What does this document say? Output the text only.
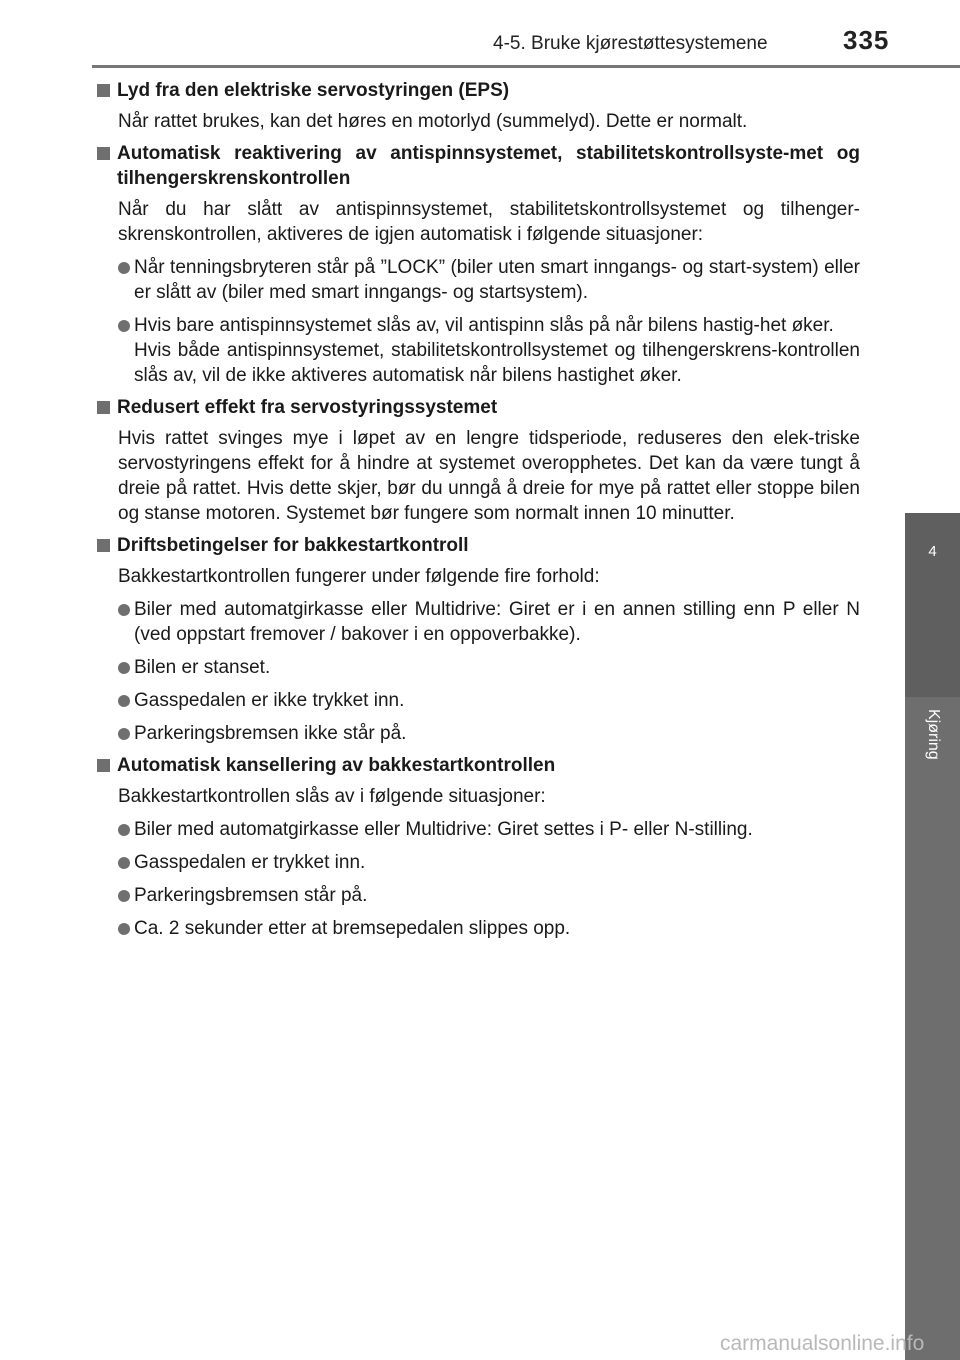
4-5. Bruke kjørestøttesystemene	335
4
Kjøring
Lyd fra den elektriske servostyringen (EPS)

Når rattet brukes, kan det høres en motorlyd (summelyd). Dette er normalt.

Automatisk reaktivering av antispinnsystemet, stabilitetskontrollsyste-met og tilhengerskrenskontrollen

Når du har slått av antispinnsystemet, stabilitetskontrollsystemet og tilhenger-skrenskontrollen, aktiveres de igjen automatisk i følgende situasjoner:

Når tenningsbryteren står på ”LOCK” (biler uten smart inngangs- og start-system) eller er slått av (biler med smart inngangs- og startsystem).
Hvis bare antispinnsystemet slås av, vil antispinn slås på når bilens hastig-het øker.
Hvis både antispinnsystemet, stabilitetskontrollsystemet og tilhengerskrens-kontrollen slås av, vil de ikke aktiveres automatisk når bilens hastighet øker.
Redusert effekt fra servostyringssystemet

Hvis rattet svinges mye i løpet av en lengre tidsperiode, reduseres den elek-triske servostyringens effekt for å hindre at systemet overopphetes. Det kan da være tungt å dreie på rattet. Hvis dette skjer, bør du unngå å dreie for mye på rattet eller stoppe bilen og stanse motoren. Systemet bør fungere som normalt innen 10 minutter.

Driftsbetingelser for bakkestartkontroll

Bakkestartkontrollen fungerer under følgende fire forhold:

Biler med automatgirkasse eller Multidrive: Giret er i en annen stilling enn P eller N (ved oppstart fremover / bakover i en oppoverbakke).
Bilen er stanset.
Gasspedalen er ikke trykket inn.
Parkeringsbremsen ikke står på.
Automatisk kansellering av bakkestartkontrollen

Bakkestartkontrollen slås av i følgende situasjoner:

Biler med automatgirkasse eller Multidrive: Giret settes i P- eller N-stilling.
Gasspedalen er trykket inn.
Parkeringsbremsen står på.
Ca. 2 sekunder etter at bremsepedalen slippes opp.
carmanualsonline.info
